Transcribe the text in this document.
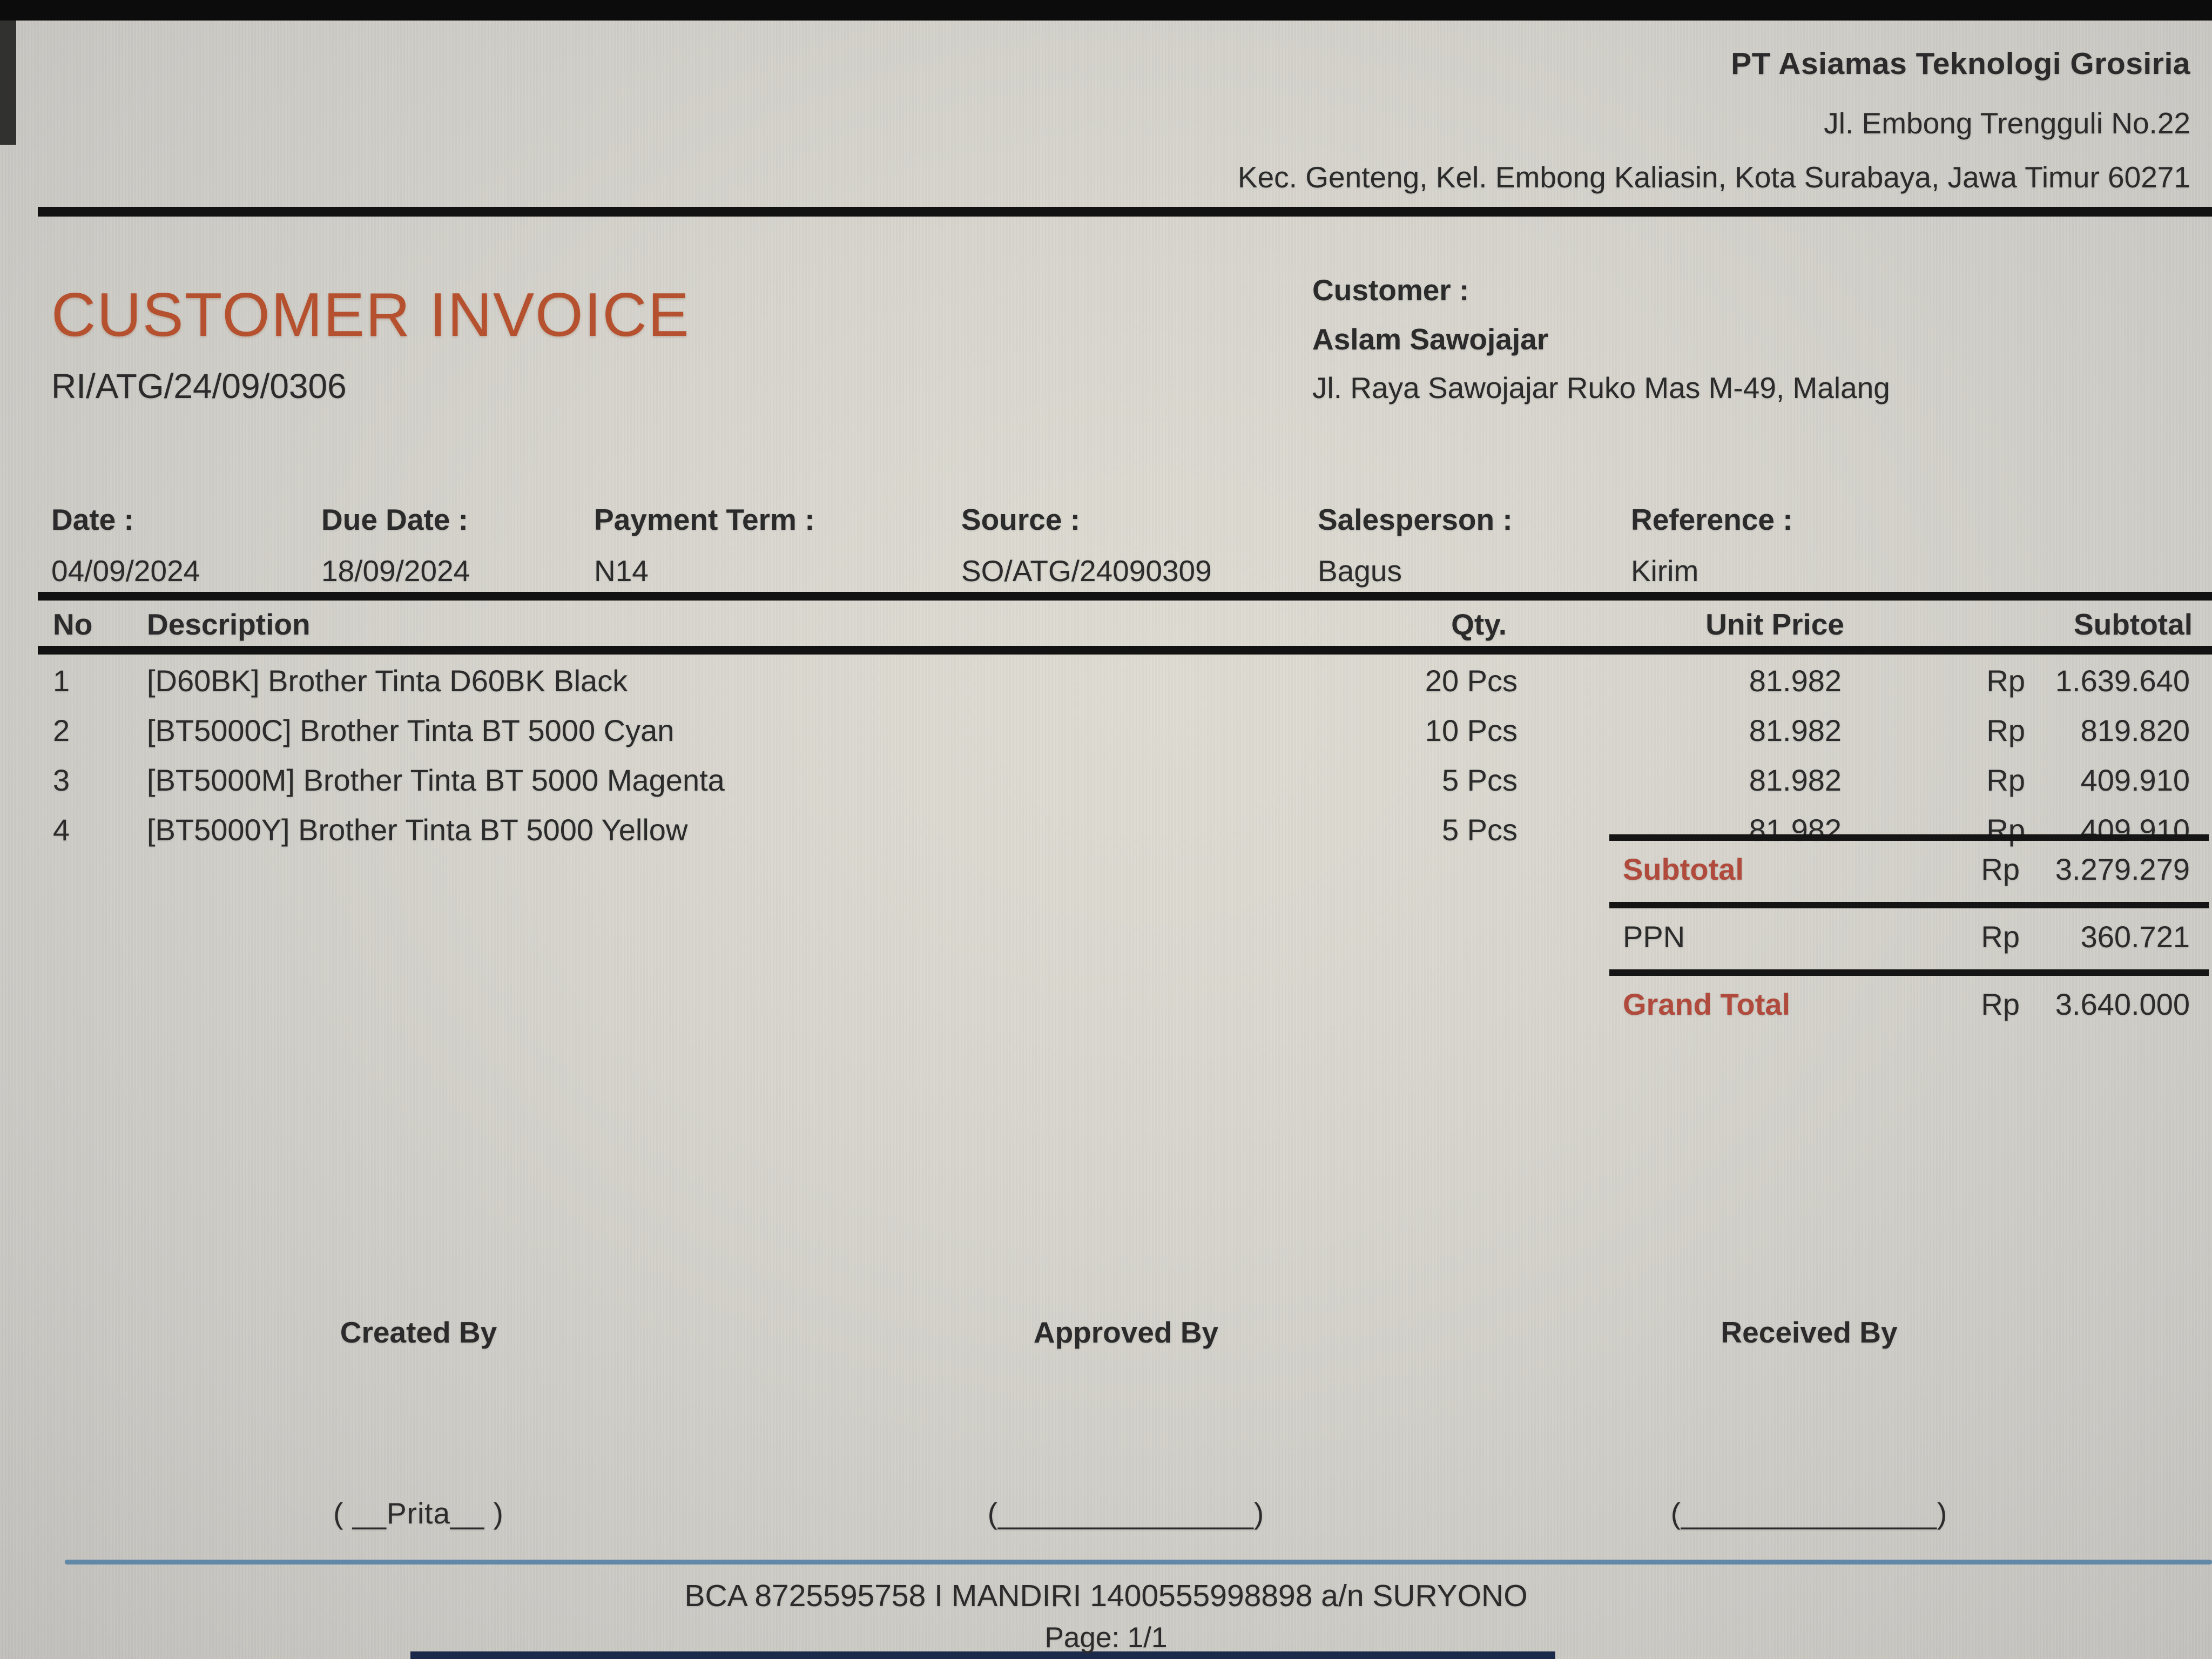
PT Asiamas Teknologi Grosiria
Jl. Embong Trengguli No.22
Kec. Genteng, Kel. Embong Kaliasin, Kota Surabaya, Jawa Timur 60271
CUSTOMER INVOICE
RI/ATG/24/09/0306
Customer :
Aslam Sawojajar
Jl. Raya Sawojajar Ruko Mas M-49, Malang
Date :
04/09/2024
Due Date :
18/09/2024
Payment Term :
N14
Source :
SO/ATG/24090309
Salesperson :
Bagus
Reference :
Kirim
No Description	Qty.	Unit Price	Subtotal
1	[D60BK] Brother Tinta D60BK Black	20 Pcs	81.982	Rp 1.639.640
2	[BT5000C] Brother Tinta BT 5000 Cyan	10 Pcs	81.982	Rp	819.820
3	[BT5000M] Brother Tinta BT 5000 Magenta	5 Pcs	81.982	Rp	409.910
4	[BT5000Y] Brother Tinta BT 5000 Yellow	5 Pcs	81.982	Rp	409.910
Subtotal	Rp	3.279.279
PPN	Rp	360.721
Grand Total	Rp	3.640.000
Created By	Approved By	Received By
( __Prita__ )	(_______________)	(_______________)
BCA 8725595758 I MANDIRI 1400555998898 a/n SURYONO
Page: 1/1
